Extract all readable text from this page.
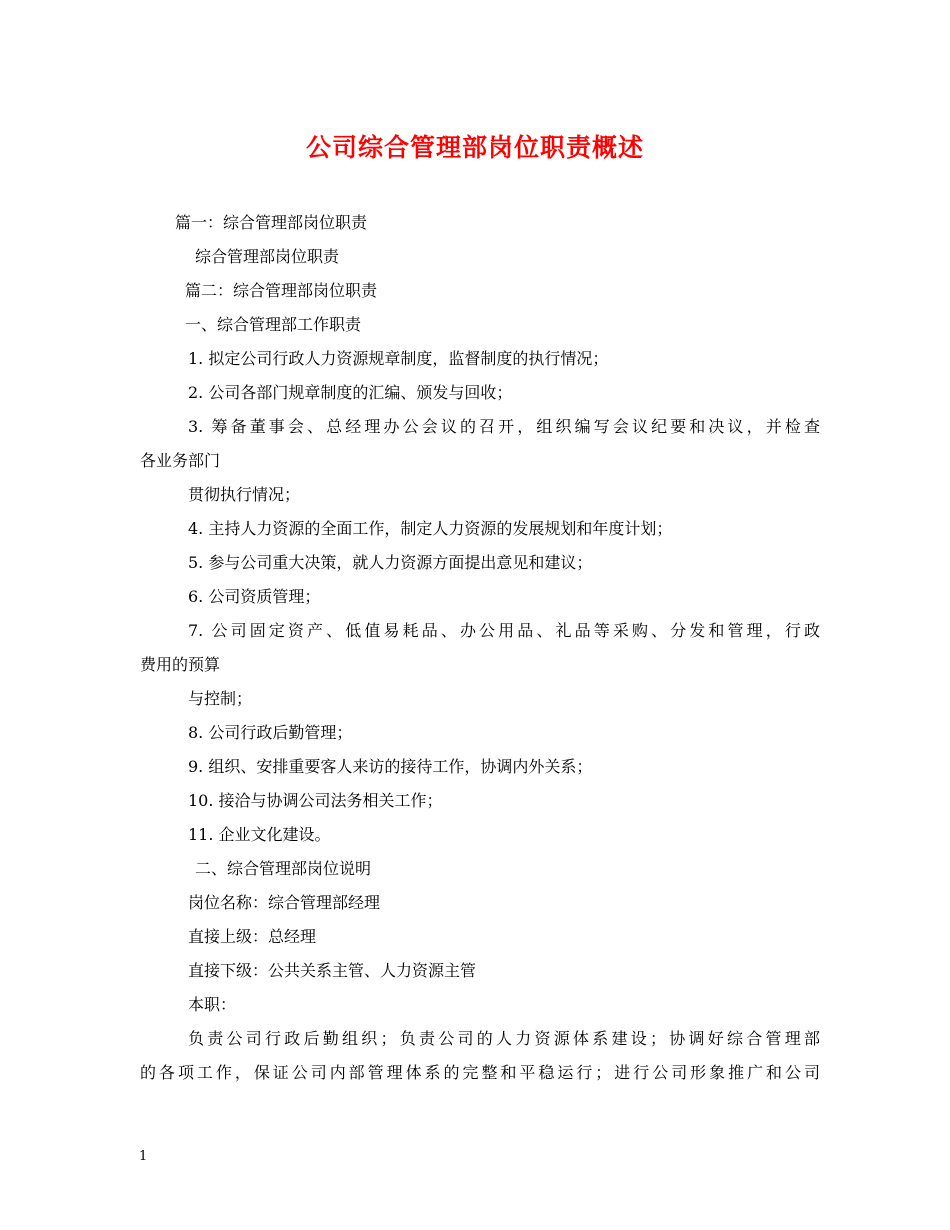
公司综合管理部岗位职责概述
篇一：综合管理部岗位职责
综合管理部岗位职责
篇二：综合管理部岗位职责
一、综合管理部工作职责
1. 拟定公司行政人力资源规章制度，监督制度的执行情况；
2. 公司各部门规章制度的汇编、颁发与回收；
3. 筹备董事会、总经理办公会议的召开，组织编写会议纪要和决议，并检查
各业务部门
贯彻执行情况；
4. 主持人力资源的全面工作，制定人力资源的发展规划和年度计划；
5. 参与公司重大决策，就人力资源方面提出意见和建议；
6. 公司资质管理；
7. 公司固定资产、低值易耗品、办公用品、礼品等采购、分发和管理，行政
费用的预算
与控制；
8. 公司行政后勤管理；
9. 组织、安排重要客人来访的接待工作，协调内外关系；
10. 接洽与协调公司法务相关工作；
11. 企业文化建设。
二、综合管理部岗位说明
岗位名称：综合管理部经理
直接上级：总经理
直接下级：公共关系主管、人力资源主管
本职：
负责公司行政后勤组织；负责公司的人力资源体系建设；协调好综合管理部
的各项工作，保证公司内部管理体系的完整和平稳运行；进行公司形象推广和公司
1
